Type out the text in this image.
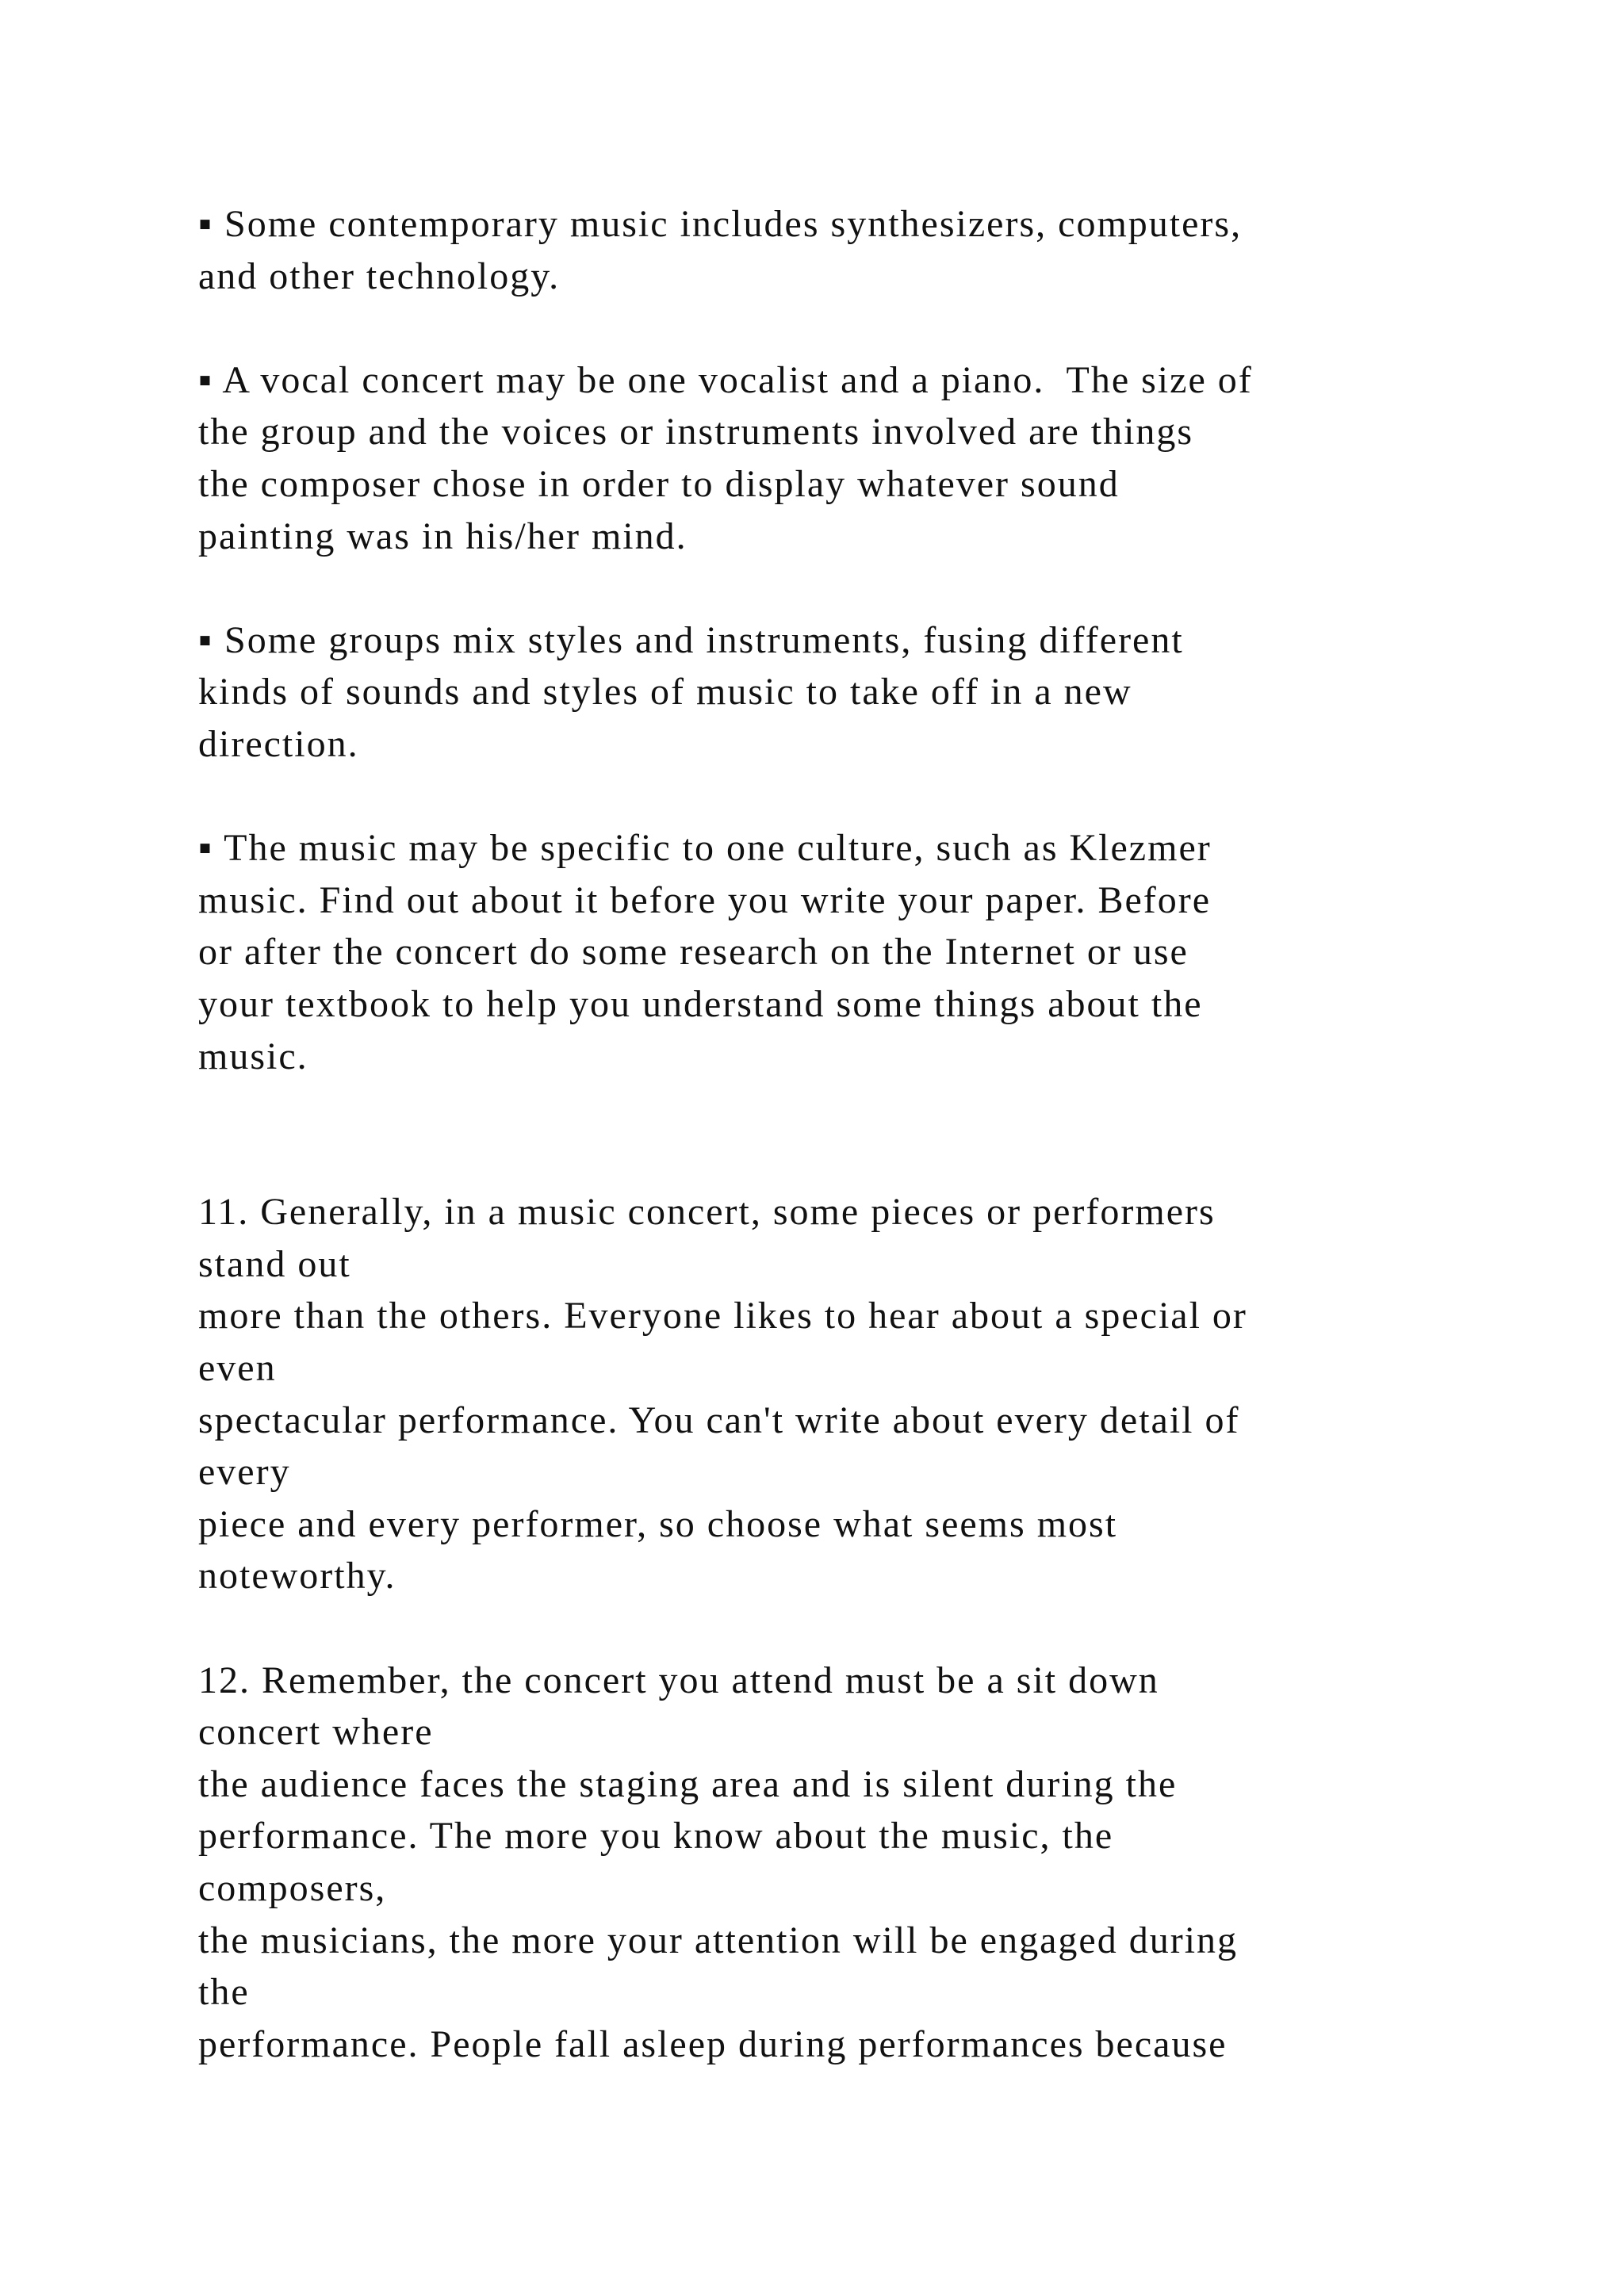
▪ Some contemporary music includes synthesizers, computers,
and other technology.
▪ A vocal concert may be one vocalist and a piano.  The size of
the group and the voices or instruments involved are things
the composer chose in order to display whatever sound
painting was in his/her mind.
▪ Some groups mix styles and instruments, fusing different
kinds of sounds and styles of music to take off in a new
direction.
▪ The music may be specific to one culture, such as Klezmer
music. Find out about it before you write your paper. Before
or after the concert do some research on the Internet or use
your textbook to help you understand some things about the
music.
11. Generally, in a music concert, some pieces or performers
stand out
more than the others. Everyone likes to hear about a special or
even
spectacular performance. You can't write about every detail of
every
piece and every performer, so choose what seems most
noteworthy.
12. Remember, the concert you attend must be a sit down
concert where
the audience faces the staging area and is silent during the
performance. The more you know about the music, the
composers,
the musicians, the more your attention will be engaged during
the
performance. People fall asleep during performances because
